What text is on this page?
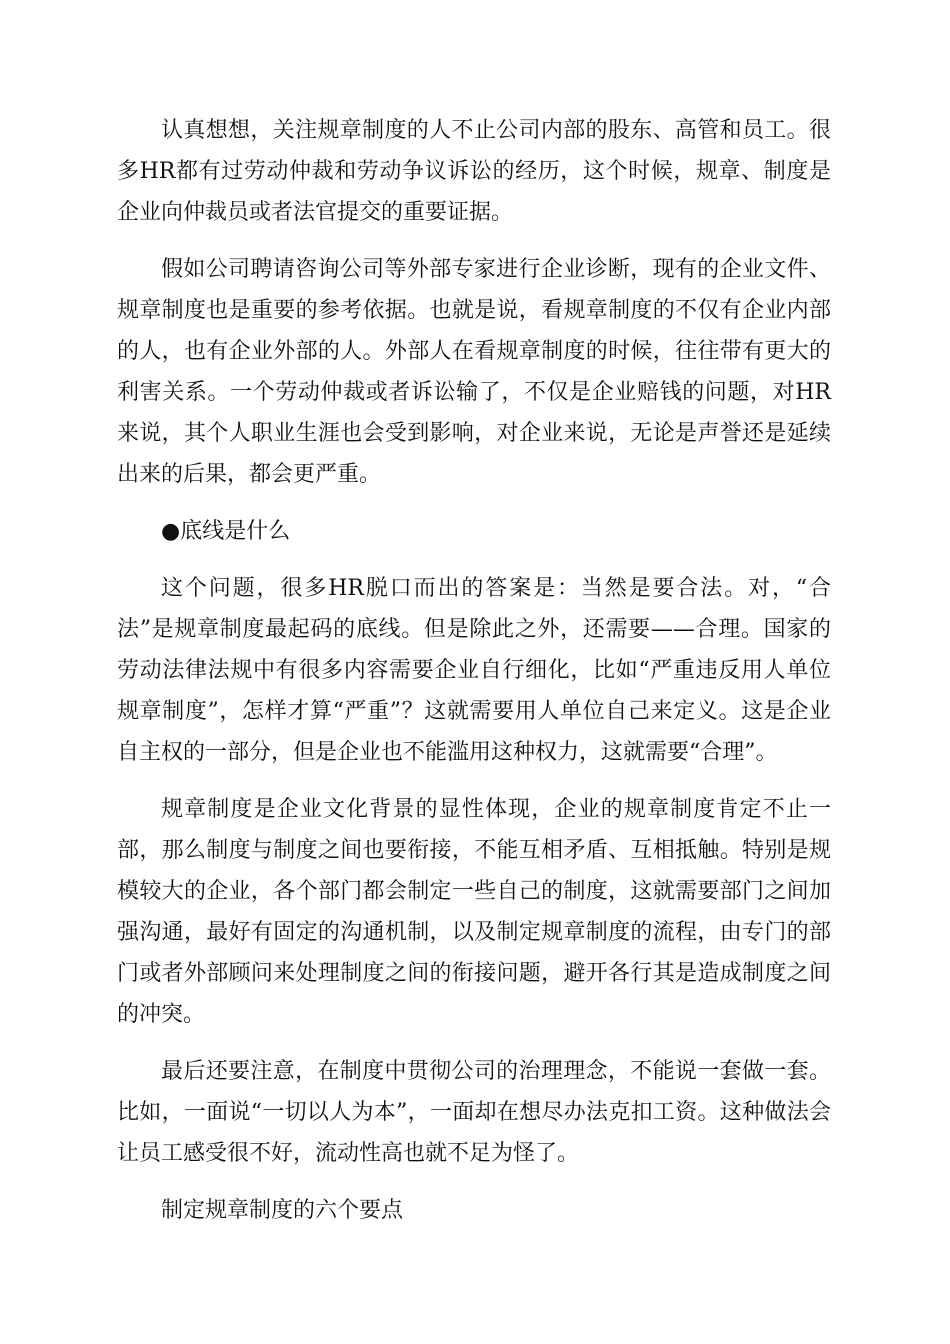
认真想想，关注规章制度的人不止公司内部的股东、高管和员工。很多HR都有过劳动仲裁和劳动争议诉讼的经历，这个时候，规章、制度是企业向仲裁员或者法官提交的重要证据。

假如公司聘请咨询公司等外部专家进行企业诊断，现有的企业文件、规章制度也是重要的参考依据。也就是说，看规章制度的不仅有企业内部的人，也有企业外部的人。外部人在看规章制度的时候，往往带有更大的利害关系。一个劳动仲裁或者诉讼输了，不仅是企业赔钱的问题，对HR来说，其个人职业生涯也会受到影响，对企业来说，无论是声誉还是延续出来的后果，都会更严重。

●底线是什么

这个问题，很多HR脱口而出的答案是：当然是要合法。对，“合法”是规章制度最起码的底线。但是除此之外，还需要——合理。国家的劳动法律法规中有很多内容需要企业自行细化，比如“严重违反用人单位规章制度”，怎样才算“严重”？这就需要用人单位自己来定义。这是企业自主权的一部分，但是企业也不能滥用这种权力，这就需要“合理”。

规章制度是企业文化背景的显性体现，企业的规章制度肯定不止一部，那么制度与制度之间也要衔接，不能互相矛盾、互相抵触。特别是规模较大的企业，各个部门都会制定一些自己的制度，这就需要部门之间加强沟通，最好有固定的沟通机制，以及制定规章制度的流程，由专门的部门或者外部顾问来处理制度之间的衔接问题，避开各行其是造成制度之间的冲突。

最后还要注意，在制度中贯彻公司的治理理念，不能说一套做一套。比如，一面说“一切以人为本”，一面却在想尽办法克扣工资。这种做法会让员工感受很不好，流动性高也就不足为怪了。

制定规章制度的六个要点
